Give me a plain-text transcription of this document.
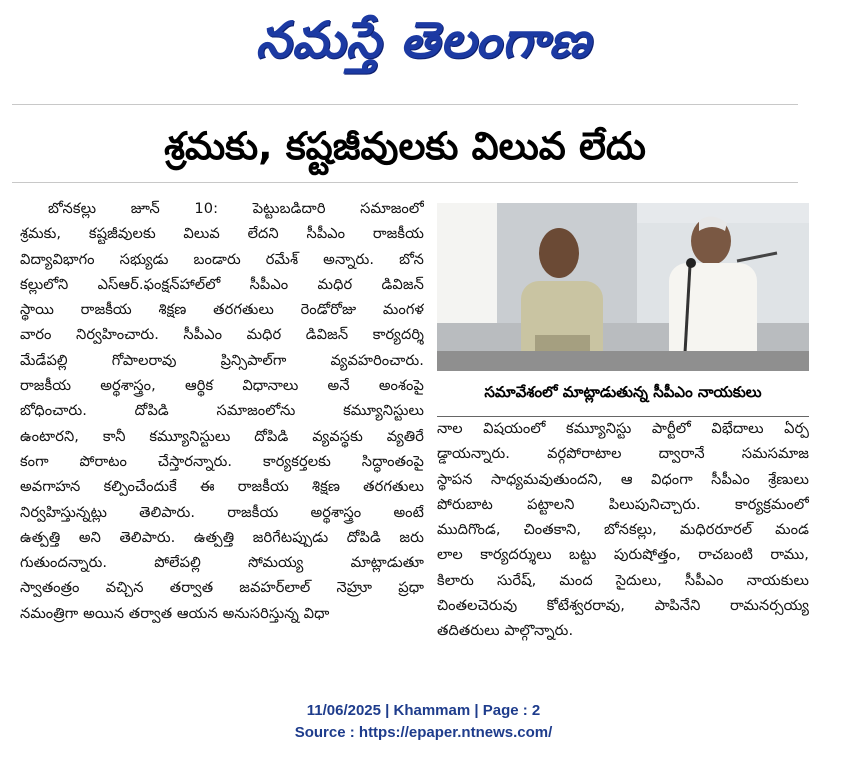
నమస్తే తెలంగాణ
శ్రమకు, కష్టజీవులకు విలువ లేదు
బోనకల్లు జూన్ 10: పెట్టుబడిదారి సమాజంలో
శ్రమకు, కష్టజీవులకు విలువ లేదని సీపీఎం రాజకీయ
విద్యావిభాగం సభ్యుడు బండారు రమేశ్ అన్నారు. బోన
కల్లులోని ఎస్ఆర్.ఫంక్షన్‌హాల్‌లో సీపీఎం మధిర డివిజన్
స్థాయి రాజకీయ శిక్షణ తరగతులు రెండోరోజు మంగళ
వారం నిర్వహించారు. సీపీఎం మధిర డివిజన్ కార్యదర్శి
మేడేపల్లి గోపాలరావు ప్రిన్సిపాల్‌గా వ్యవహరించారు.
రాజకీయ అర్థశాస్త్రం, ఆర్థిక విధానాలు అనే అంశంపై
బోధించారు. దోపిడి సమాజంలోను కమ్యూనిస్టులు
ఉంటారని, కానీ కమ్యూనిస్టులు దోపిడి వ్యవస్థకు వ్యతిరే
కంగా పోరాటం చేస్తారన్నారు. కార్యకర్తలకు సిద్ధాంతంపై
అవగాహన కల్పించేందుకే ఈ రాజకీయ శిక్షణ తరగతులు
నిర్వహిస్తున్నట్లు తెలిపారు. రాజకీయ అర్థశాస్త్రం అంటే
ఉత్పత్తి అని తెలిపారు. ఉత్పత్తి జరిగేటప్పుడు దోపిడి జరు
గుతుందన్నారు. పోలేపల్లి సోమయ్య మాట్లాడుతూ
స్వాతంత్రం వచ్చిన తర్వాత జవహర్‌లాల్ నెహ్రూ ప్రధా
నమంత్రిగా అయిన తర్వాత ఆయన అనుసరిస్తున్న విధా
సమావేశంలో మాట్లాడుతున్న సీపీఎం నాయకులు
నాల విషయంలో కమ్యూనిస్టు పార్టీలో విభేదాలు ఏర్ప
డ్డాయన్నారు. వర్గపోరాటాల ద్వారానే సమసమాజ
స్థాపన సాధ్యమవుతుందని, ఆ విధంగా సీపీఎం శ్రేణులు
పోరుబాట పట్టాలని పిలుపునిచ్చారు. కార్యక్రమంలో
ముదిగొండ, చింతకాని, బోనకల్లు, మధిరరూరల్ మండ
లాల కార్యదర్శులు బట్టు పురుషోత్తం, రాచబంటి రాము,
కిలారు సురేష్, మంద సైదులు, సీపీఎం నాయకులు
చింతలచెరువు కోటేశ్వరరావు, పాపినేని రామనర్సయ్య
తదితరులు పాల్గొన్నారు.
11/06/2025 | Khammam | Page : 2
Source : https://epaper.ntnews.com/
